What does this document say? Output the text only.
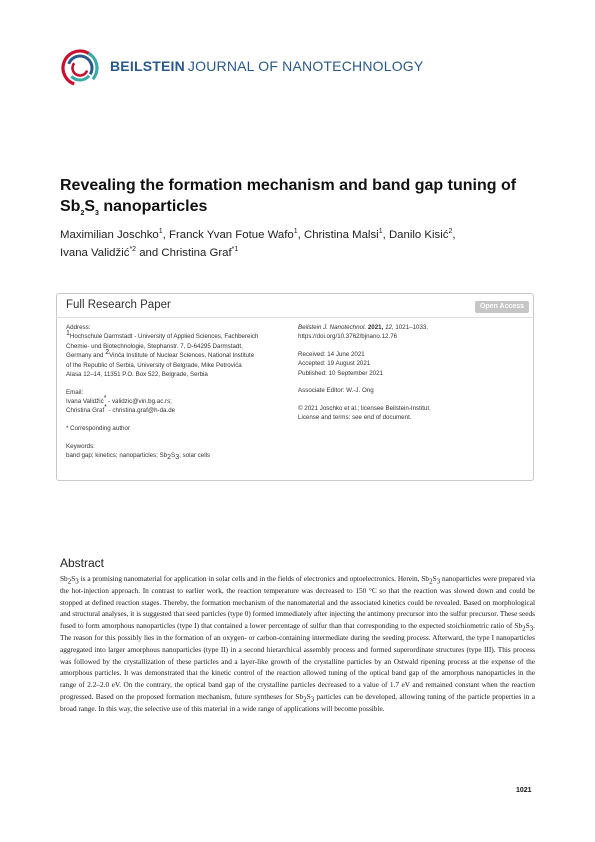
BEILSTEIN JOURNAL OF NANOTECHNOLOGY
Revealing the formation mechanism and band gap tuning of
$Sb_2S_3$ nanoparticles
Maximilian Joschko$^1$, Franck Yvan Fotue Wafo$^1$, Christina Malsi$^1$, Danilo Kisić$^2$,
Ivana Validžić$^{*2}$ and Christina Graf$^{*1}$
Full Research Paper	Open Access
Address:
$^1$Hochschule Darmstadt - University of Applied Sciences, Fachbereich
Chemie- und Biotechnologie, Stephanstr. 7, D-64295 Darmstadt,
Germany and $^2$Vinča Institute of Nuclear Sciences, National Institute
of the Republic of Serbia, University of Belgrade, Mike Petrovića
Alasa 12–14, 11351 P.O. Box 522, Belgrade, Serbia
Email:
Ivana Validžić* - validzic@vin.bg.ac.rs;
Christina Graf* - christina.graf@h-da.de
* Corresponding author
Keywords:
band gap; kinetics; nanoparticles; $Sb_2S_3$; solar cells
Beilstein J. Nanotechnol. 2021, 12, 1021–1033.
https://doi.org/10.3762/bjnano.12.76
Received: 14 June 2021
Accepted: 19 August 2021
Published: 10 September 2021
Associate Editor: W.-J. Ong
© 2021 Joschko et al.; licensee Beilstein-Institut.
License and terms: see end of document.
Abstract
$Sb_2S_3$ is a promising nanomaterial for application in solar cells and in the fields of electronics and optoelectronics. Herein, $Sb_2S_3$ nanoparticles were prepared via the hot-injection approach. In contrast to earlier work, the reaction temperature was decreased to 150 °C so that the reaction was slowed down and could be stopped at defined reaction stages. Thereby, the formation mechanism of the nanomaterial and the associated kinetics could be revealed. Based on morphological and structural analyses, it is suggested that seed particles (type 0) formed immediately after injecting the antimony precursor into the sulfur precursor. These seeds fused to form amorphous nanoparticles (type I) that contained a lower percentage of sulfur than that corresponding to the expected stoichiometric ratio of $Sb_2S_3$. The reason for this possibly lies in the formation of an oxygen- or carbon-containing intermediate during the seeding process. Afterward, the type I nanoparticles aggregated into larger amorphous nanoparticles (type II) in a second hierarchical assembly process and formed superordinate structures (type III). This process was followed by the crystallization of these particles and a layer-like growth of the crystalline particles by an Ostwald ripening process at the expense of the amorphous particles. It was demonstrated that the kinetic control of the reaction allowed tuning of the optical band gap of the amorphous nanoparticles in the range of 2.2–2.0 eV. On the contrary, the optical band gap of the crystalline particles decreased to a value of 1.7 eV and remained constant when the reaction progressed. Based on the proposed formation mechanism, future syntheses for $Sb_2S_3$ particles can be developed, allowing tuning of the particle properties in a broad range. In this way, the selective use of this material in a wide range of applications will become possible.
1021
